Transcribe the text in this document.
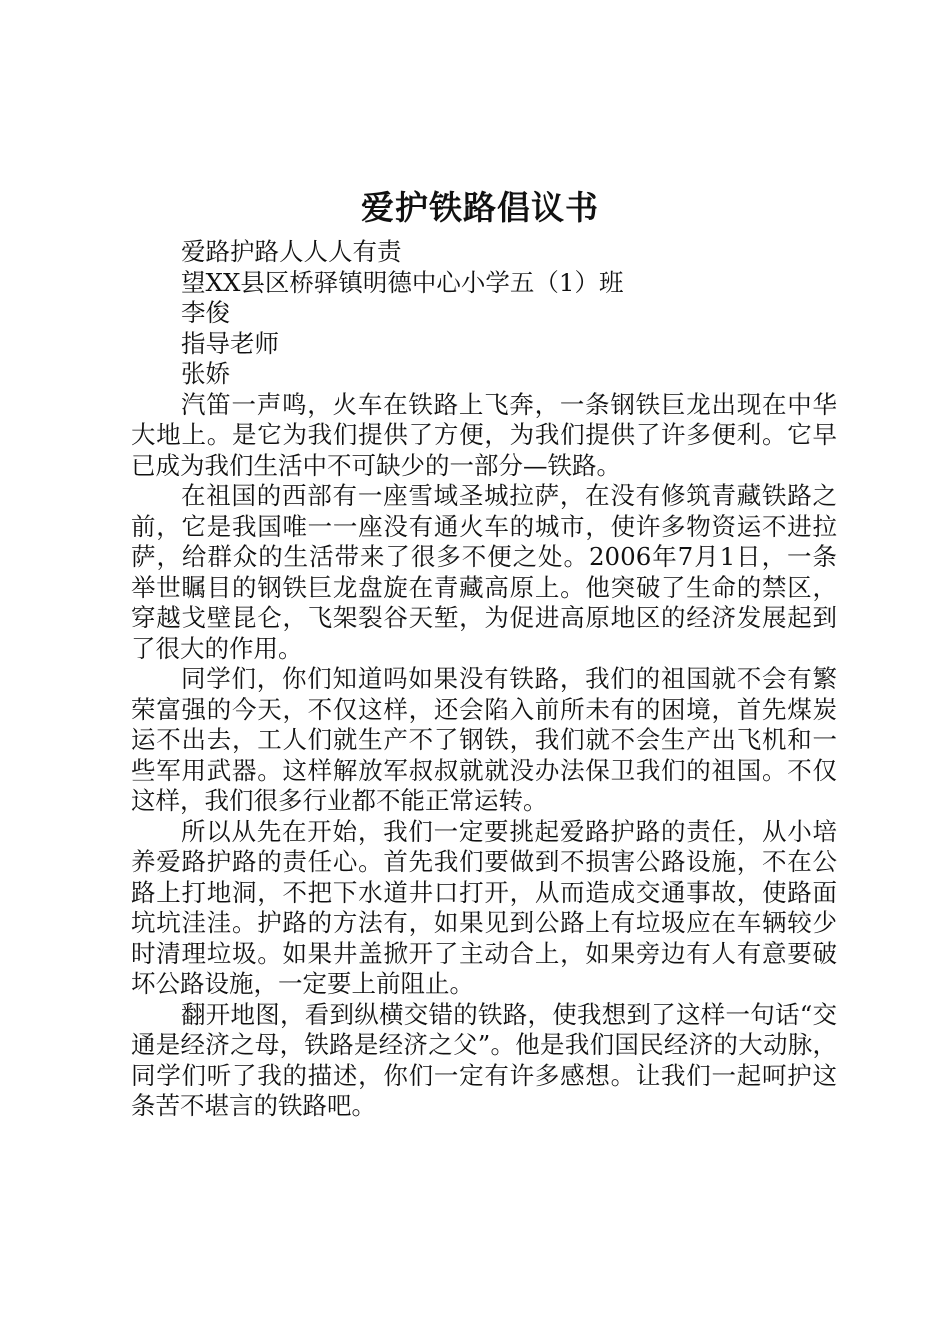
爱护铁路倡议书

爱路护路人人人有责

望XX县区桥驿镇明德中心小学五（1）班

李俊

指导老师

张娇

汽笛一声鸣，火车在铁路上飞奔，一条钢铁巨龙出现在中华大地上。是它为我们提供了方便，为我们提供了许多便利。它早已成为我们生活中不可缺少的一部分—铁路。

在祖国的西部有一座雪域圣城拉萨，在没有修筑青藏铁路之前，它是我国唯一一座没有通火车的城市，使许多物资运不进拉萨，给群众的生活带来了很多不便之处。2006年7月1日，一条举世瞩目的钢铁巨龙盘旋在青藏高原上。他突破了生命的禁区，穿越戈壁昆仑，飞架裂谷天堑，为促进高原地区的经济发展起到了很大的作用。

同学们，你们知道吗如果没有铁路，我们的祖国就不会有繁荣富强的今天，不仅这样，还会陷入前所未有的困境，首先煤炭运不出去，工人们就生产不了钢铁，我们就不会生产出飞机和一些军用武器。这样解放军叔叔就就没办法保卫我们的祖国。不仅这样，我们很多行业都不能正常运转。

所以从先在开始，我们一定要挑起爱路护路的责任，从小培养爱路护路的责任心。首先我们要做到不损害公路设施，不在公路上打地洞，不把下水道井口打开，从而造成交通事故，使路面坑坑洼洼。护路的方法有，如果见到公路上有垃圾应在车辆较少时清理垃圾。如果井盖掀开了主动合上，如果旁边有人有意要破坏公路设施，一定要上前阻止。

翻开地图，看到纵横交错的铁路，使我想到了这样一句话“交通是经济之母，铁路是经济之父”。他是我们国民经济的大动脉，同学们听了我的描述，你们一定有许多感想。让我们一起呵护这条苦不堪言的铁路吧。
